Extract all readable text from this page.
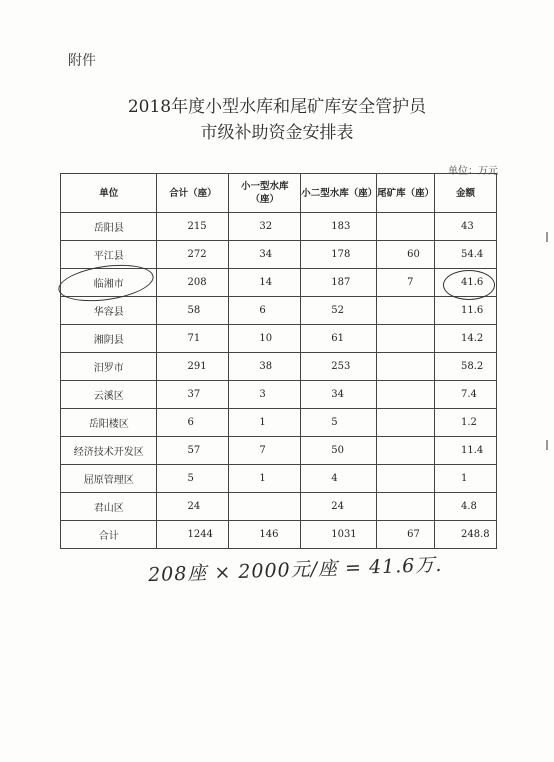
附件
2018年度小型水库和尾矿库安全管护员
市级补助资金安排表
单位：万元
单位	合计（座）	小一型水库（座）	小二型水库（座）	尾矿库（座）	金额
岳阳县	215	32	183		43
平江县	272	34	178	60	54.4
临湘市	208	14	187	7	41.6
华容县	58	6	52		11.6
湘阴县	71	10	61		14.2
汨罗市	291	38	253		58.2
云溪区	37	3	34		7.4
岳阳楼区	6	1	5		1.2
经济技术开发区	57	7	50		11.4
屈原管理区	5	1	4		1
君山区	24		24		4.8
合计	1244	146	1031	67	248.8
208座 × 2000元/座 = 41.6万.
